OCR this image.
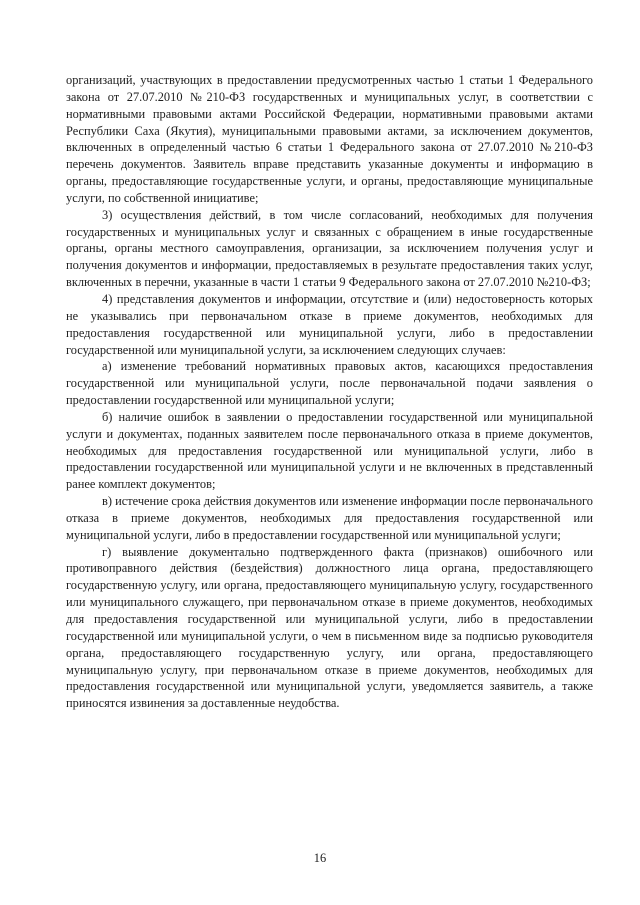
организаций, участвующих в предоставлении предусмотренных частью 1 статьи 1 Федерального закона от 27.07.2010 №210-ФЗ государственных и муниципальных услуг, в соответствии с нормативными правовыми актами Российской Федерации, нормативными правовыми актами Республики Саха (Якутия), муниципальными правовыми актами, за исключением документов, включенных в определенный частью 6 статьи 1 Федерального закона от 27.07.2010 №210-ФЗ перечень документов. Заявитель вправе представить указанные документы и информацию в органы, предоставляющие государственные услуги, и органы, предоставляющие муниципальные услуги, по собственной инициативе;

3) осуществления действий, в том числе согласований, необходимых для получения государственных и муниципальных услуг и связанных с обращением в иные государственные органы, органы местного самоуправления, организации, за исключением получения услуг и получения документов и информации, предоставляемых в результате предоставления таких услуг, включенных в перечни, указанные в части 1 статьи 9 Федерального закона от 27.07.2010 №210-ФЗ;

4) представления документов и информации, отсутствие и (или) недостоверность которых не указывались при первоначальном отказе в приеме документов, необходимых для предоставления государственной или муниципальной услуги, либо в предоставлении государственной или муниципальной услуги, за исключением следующих случаев:

а) изменение требований нормативных правовых актов, касающихся предоставления государственной или муниципальной услуги, после первоначальной подачи заявления о предоставлении государственной или муниципальной услуги;

б) наличие ошибок в заявлении о предоставлении государственной или муниципальной услуги и документах, поданных заявителем после первоначального отказа в приеме документов, необходимых для предоставления государственной или муниципальной услуги, либо в предоставлении государственной или муниципальной услуги и не включенных в представленный ранее комплект документов;

в) истечение срока действия документов или изменение информации после первоначального отказа в приеме документов, необходимых для предоставления государственной или муниципальной услуги, либо в предоставлении государственной или муниципальной услуги;

г) выявление документально подтвержденного факта (признаков) ошибочного или противоправного действия (бездействия) должностного лица органа, предоставляющего государственную услугу, или органа, предоставляющего муниципальную услугу, государственного или муниципального служащего, при первоначальном отказе в приеме документов, необходимых для предоставления государственной или муниципальной услуги, либо в предоставлении государственной или муниципальной услуги, о чем в письменном виде за подписью руководителя органа, предоставляющего государственную услугу, или органа, предоставляющего муниципальную услугу, при первоначальном отказе в приеме документов, необходимых для предоставления государственной или муниципальной услуги, уведомляется заявитель, а также приносятся извинения за доставленные неудобства.

16
